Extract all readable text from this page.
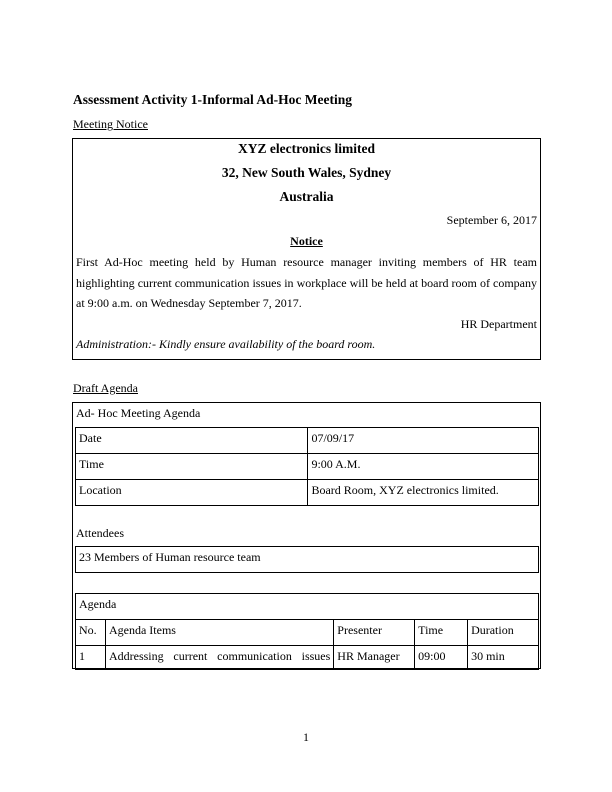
Assessment Activity 1-Informal Ad-Hoc Meeting
Meeting Notice
XYZ electronics limited
32, New South Wales, Sydney
Australia
September 6, 2017
Notice
First Ad-Hoc meeting held by Human resource manager inviting members of HR team highlighting current communication issues in workplace will be held at board room of company at 9:00 a.m. on Wednesday September 7, 2017.
HR Department
Administration:- Kindly ensure availability of the board room.
Draft Agenda
Ad- Hoc Meeting Agenda
Date	07/09/17
Time	9:00 A.M.
Location	Board Room, XYZ electronics limited.
Attendees
23 Members of Human resource team
Agenda				
No.	Agenda Items	Presenter	Time	Duration
1	Addressing current communication issues	HR Manager	09:00	30 min
1
